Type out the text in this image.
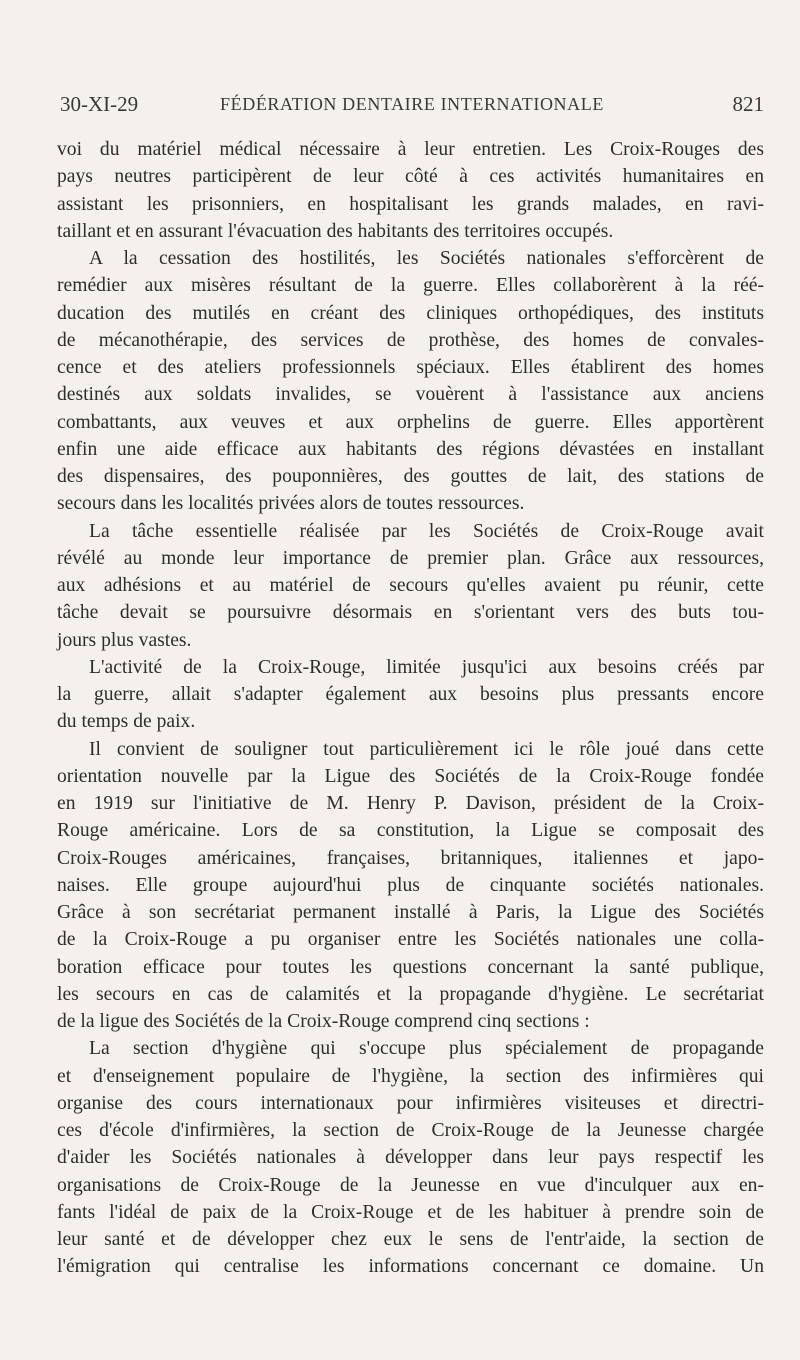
30-XI-29	FÉDÉRATION DENTAIRE INTERNATIONALE	821
voi du matériel médical nécessaire à leur entretien. Les Croix-Rouges des
pays neutres participèrent de leur côté à ces activités humanitaires en
assistant les prisonniers, en hospitalisant les grands malades, en ravi-
taillant et en assurant l'évacuation des habitants des territoires occupés.
A la cessation des hostilités, les Sociétés nationales s'efforcèrent de
remédier aux misères résultant de la guerre. Elles collaborèrent à la réé-
ducation des mutilés en créant des cliniques orthopédiques, des instituts
de mécanothérapie, des services de prothèse, des homes de convales-
cence et des ateliers professionnels spéciaux. Elles établirent des homes
destinés aux soldats invalides, se vouèrent à l'assistance aux anciens
combattants, aux veuves et aux orphelins de guerre. Elles apportèrent
enfin une aide efficace aux habitants des régions dévastées en installant
des dispensaires, des pouponnières, des gouttes de lait, des stations de
secours dans les localités privées alors de toutes ressources.
La tâche essentielle réalisée par les Sociétés de Croix-Rouge avait
révélé au monde leur importance de premier plan. Grâce aux ressources,
aux adhésions et au matériel de secours qu'elles avaient pu réunir, cette
tâche devait se poursuivre désormais en s'orientant vers des buts tou-
jours plus vastes.
L'activité de la Croix-Rouge, limitée jusqu'ici aux besoins créés par
la guerre, allait s'adapter également aux besoins plus pressants encore
du temps de paix.
Il convient de souligner tout particulièrement ici le rôle joué dans cette
orientation nouvelle par la Ligue des Sociétés de la Croix-Rouge fondée
en 1919 sur l'initiative de M. Henry P. Davison, président de la Croix-
Rouge américaine. Lors de sa constitution, la Ligue se composait des
Croix-Rouges américaines, françaises, britanniques, italiennes et japo-
naises. Elle groupe aujourd'hui plus de cinquante sociétés nationales.
Grâce à son secrétariat permanent installé à Paris, la Ligue des Sociétés
de la Croix-Rouge a pu organiser entre les Sociétés nationales une colla-
boration efficace pour toutes les questions concernant la santé publique,
les secours en cas de calamités et la propagande d'hygiène. Le secrétariat
de la ligue des Sociétés de la Croix-Rouge comprend cinq sections :
La section d'hygiène qui s'occupe plus spécialement de propagande
et d'enseignement populaire de l'hygiène, la section des infirmières qui
organise des cours internationaux pour infirmières visiteuses et directri-
ces d'école d'infirmières, la section de Croix-Rouge de la Jeunesse chargée
d'aider les Sociétés nationales à développer dans leur pays respectif les
organisations de Croix-Rouge de la Jeunesse en vue d'inculquer aux en-
fants l'idéal de paix de la Croix-Rouge et de les habituer à prendre soin de
leur santé et de développer chez eux le sens de l'entr'aide, la section de
l'émigration qui centralise les informations concernant ce domaine. Un
